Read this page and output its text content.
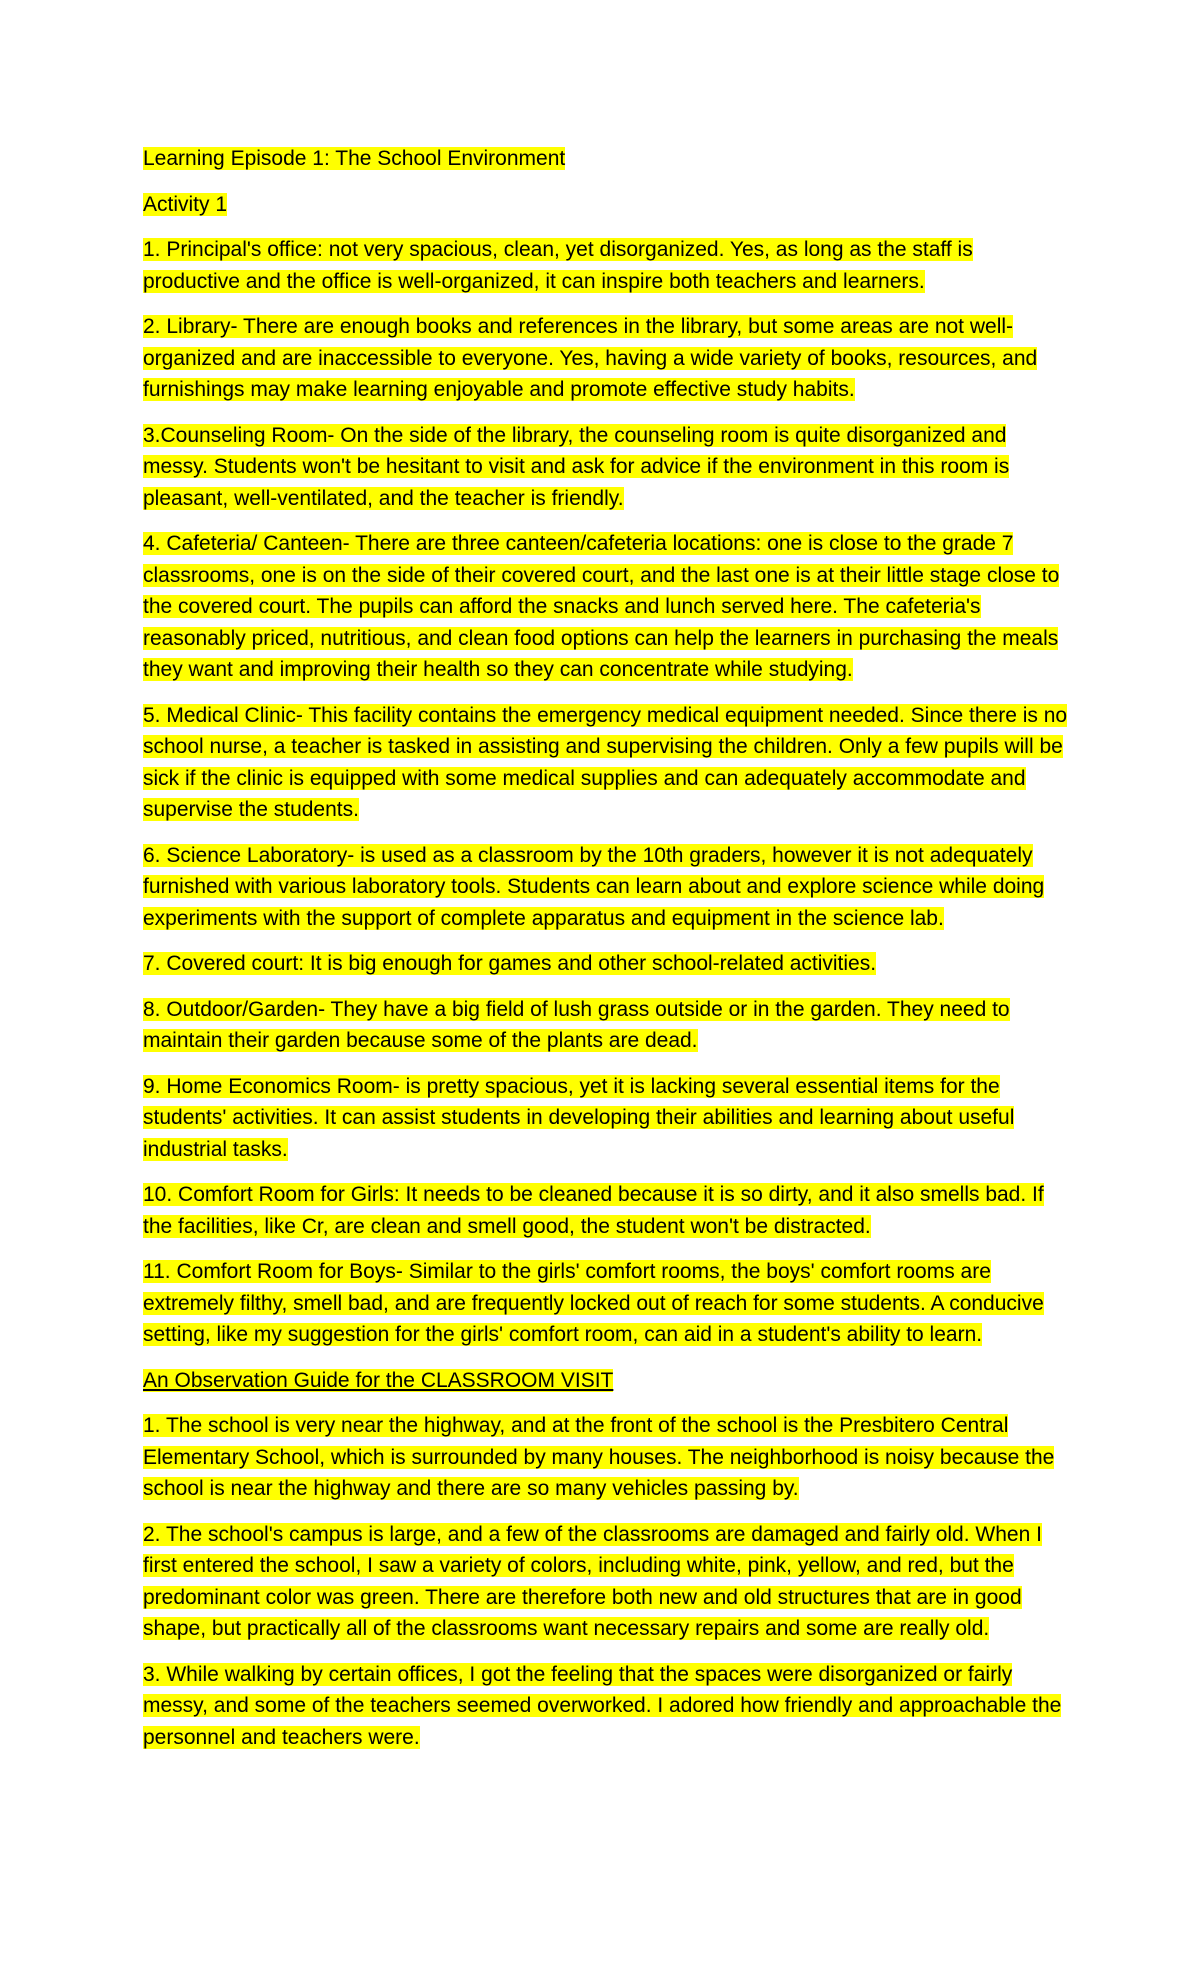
Learning Episode 1: The School Environment

Activity 1

1. Principal's office: not very spacious, clean, yet disorganized. Yes, as long as the staff is productive and the office is well-organized, it can inspire both teachers and learners.

2. Library- There are enough books and references in the library, but some areas are not well-organized and are inaccessible to everyone. Yes, having a wide variety of books, resources, and furnishings may make learning enjoyable and promote effective study habits.

3.Counseling Room- On the side of the library, the counseling room is quite disorganized and messy. Students won't be hesitant to visit and ask for advice if the environment in this room is pleasant, well-ventilated, and the teacher is friendly.

4. Cafeteria/ Canteen- There are three canteen/cafeteria locations: one is close to the grade 7 classrooms, one is on the side of their covered court, and the last one is at their little stage close to the covered court. The pupils can afford the snacks and lunch served here. The cafeteria's reasonably priced, nutritious, and clean food options can help the learners in purchasing the meals they want and improving their health so they can concentrate while studying.

5. Medical Clinic- This facility contains the emergency medical equipment needed. Since there is no school nurse, a teacher is tasked in assisting and supervising the children. Only a few pupils will be sick if the clinic is equipped with some medical supplies and can adequately accommodate and supervise the students.

6. Science Laboratory- is used as a classroom by the 10th graders, however it is not adequately furnished with various laboratory tools. Students can learn about and explore science while doing experiments with the support of complete apparatus and equipment in the science lab.

7. Covered court: It is big enough for games and other school-related activities.

8. Outdoor/Garden- They have a big field of lush grass outside or in the garden. They need to maintain their garden because some of the plants are dead.

9. Home Economics Room- is pretty spacious, yet it is lacking several essential items for the students' activities. It can assist students in developing their abilities and learning about useful industrial tasks.

10. Comfort Room for Girls: It needs to be cleaned because it is so dirty, and it also smells bad. If the facilities, like Cr, are clean and smell good, the student won't be distracted.

11. Comfort Room for Boys- Similar to the girls' comfort rooms, the boys' comfort rooms are extremely filthy, smell bad, and are frequently locked out of reach for some students. A conducive setting, like my suggestion for the girls' comfort room, can aid in a student's ability to learn.

An Observation Guide for the CLASSROOM VISIT

1. The school is very near the highway, and at the front of the school is the Presbitero Central Elementary School, which is surrounded by many houses. The neighborhood is noisy because the school is near the highway and there are so many vehicles passing by.

2. The school's campus is large, and a few of the classrooms are damaged and fairly old. When I first entered the school, I saw a variety of colors, including white, pink, yellow, and red, but the predominant color was green. There are therefore both new and old structures that are in good shape, but practically all of the classrooms want necessary repairs and some are really old.

3. While walking by certain offices, I got the feeling that the spaces were disorganized or fairly messy, and some of the teachers seemed overworked. I adored how friendly and approachable the personnel and teachers were.
